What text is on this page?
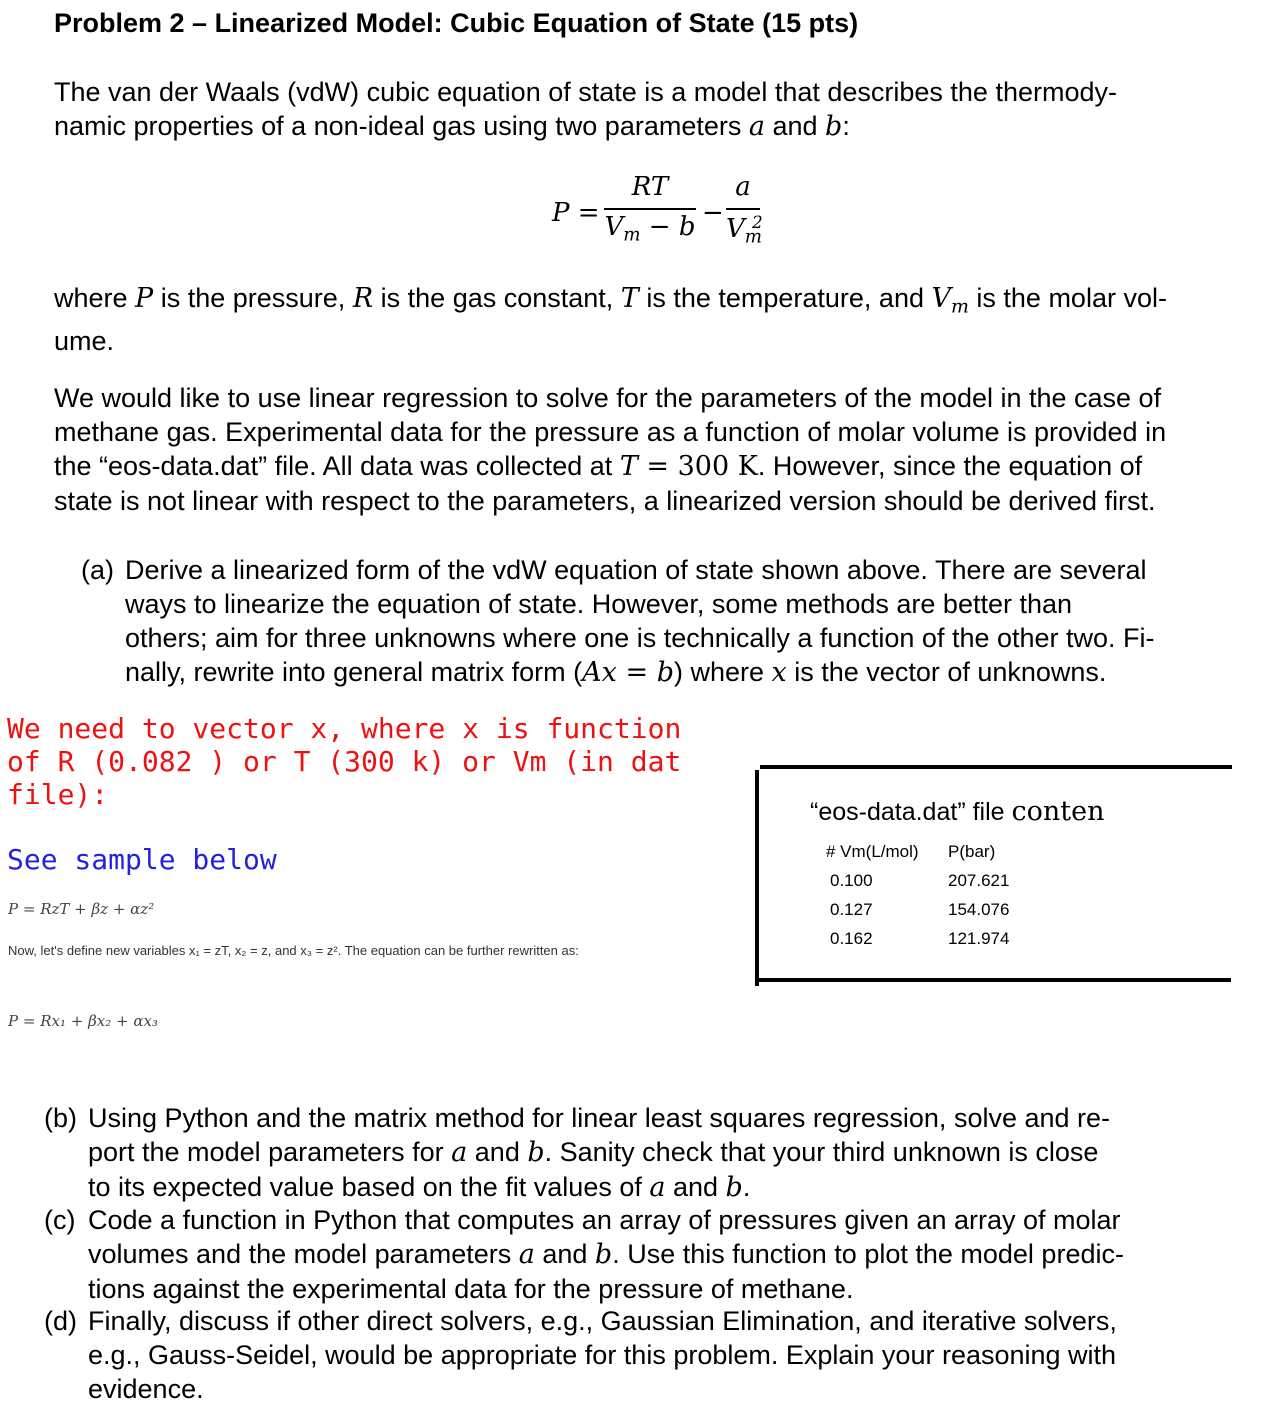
Problem 2 – Linearized Model: Cubic Equation of State (15 pts)
The van der Waals (vdW) cubic equation of state is a model that describes the thermody-
namic properties of a non-ideal gas using two parameters a and b:
P =
RT
$V_m - b$ −
a
$V_m^2$
where P is the pressure, R is the gas constant, T is the temperature, and $V_m$ is the molar vol-
ume.
We would like to use linear regression to solve for the parameters of the model in the case of
methane gas. Experimental data for the pressure as a function of molar volume is provided in
the “eos-data.dat” file. All data was collected at T = 300 K. However, since the equation of
state is not linear with respect to the parameters, a linearized version should be derived first.
(a) Derive a linearized form of the vdW equation of state shown above. There are several
ways to linearize the equation of state. However, some methods are better than
others; aim for three unknowns where one is technically a function of the other two. Fi-
nally, rewrite into general matrix form (Ax = b) where x is the vector of unknowns.
We need to vector x, where x is function of R (0.082 ) or T (300 k) or Vm (in dat file):
See sample below
P = RzT + βz + αz²
Now, let's define new variables x₁ = zT, x₂ = z, and x₃ = z². The equation can be further rewritten as:
P = Rx₁ + βx₂ + αx₃
“eos-data.dat” file conten
# Vm(L/mol) P(bar)
0.100	207.621
0.127	154.076
0.162	121.974
(b) Using Python and the matrix method for linear least squares regression, solve and re-
port the model parameters for a and b. Sanity check that your third unknown is close
to its expected value based on the fit values of a and b.
(c) Code a function in Python that computes an array of pressures given an array of molar
volumes and the model parameters a and b. Use this function to plot the model predic-
tions against the experimental data for the pressure of methane.
(d) Finally, discuss if other direct solvers, e.g., Gaussian Elimination, and iterative solvers,
e.g., Gauss-Seidel, would be appropriate for this problem. Explain your reasoning with
evidence.
